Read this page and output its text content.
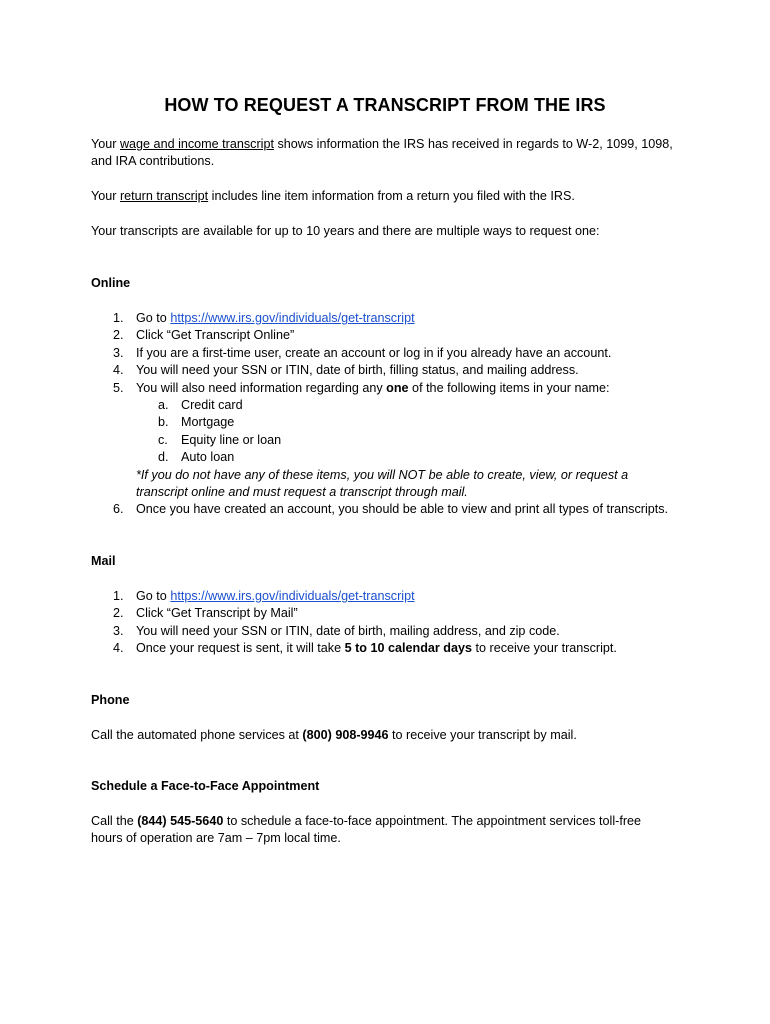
HOW TO REQUEST A TRANSCRIPT FROM THE IRS
Your wage and income transcript shows information the IRS has received in regards to W-2, 1099, 1098,
and IRA contributions.
Your return transcript includes line item information from a return you filed with the IRS.
Your transcripts are available for up to 10 years and there are multiple ways to request one:
Online
1. Go to https://www.irs.gov/individuals/get-transcript
2. Click “Get Transcript Online”
3. If you are a first-time user, create an account or log in if you already have an account.
4. You will need your SSN or ITIN, date of birth, filling status, and mailing address.
5. You will also need information regarding any one of the following items in your name:
a. Credit card
b. Mortgage
c.	Equity line or loan
d. Auto loan
*If you do not have any of these items, you will NOT be able to create, view, or request a
transcript online and must request a transcript through mail.
6. Once you have created an account, you should be able to view and print all types of transcripts.
Mail
1. Go to https://www.irs.gov/individuals/get-transcript
2. Click “Get Transcript by Mail”
3. You will need your SSN or ITIN, date of birth, mailing address, and zip code.
4. Once your request is sent, it will take 5 to 10 calendar days to receive your transcript.
Phone
Call the automated phone services at (800) 908-9946 to receive your transcript by mail.
Schedule a Face-to-Face Appointment
Call the (844) 545-5640 to schedule a face-to-face appointment. The appointment services toll-free
hours of operation are 7am – 7pm local time.
